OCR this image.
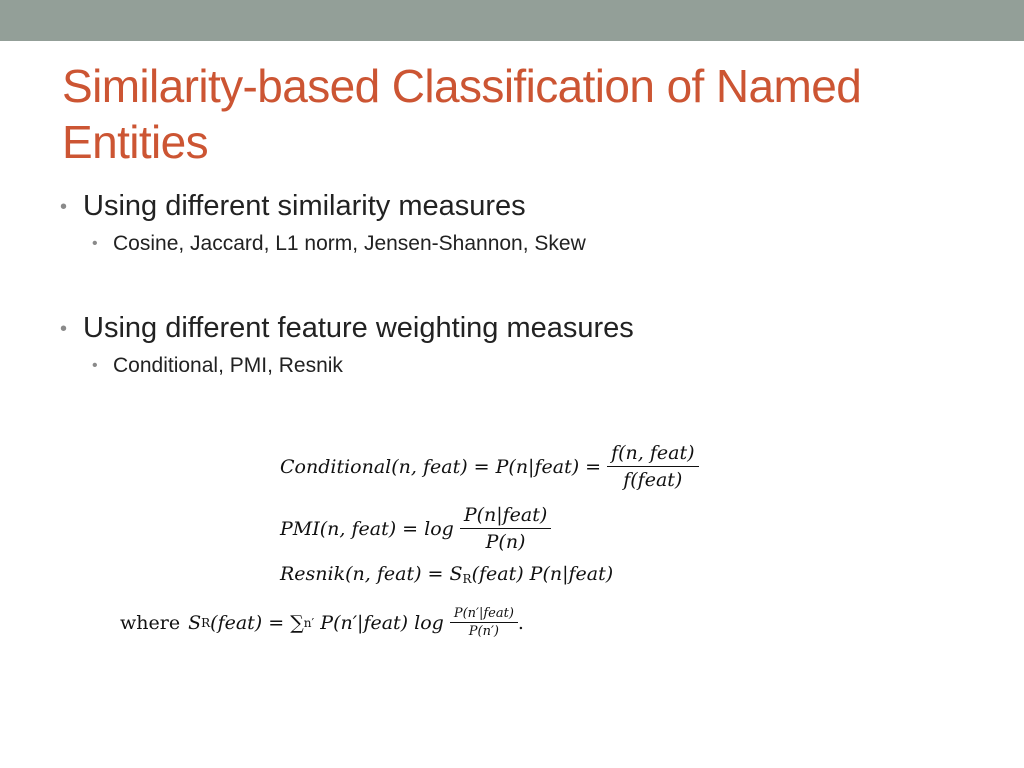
Similarity-based Classification of Named Entities
• Using different similarity measures
• Cosine, Jaccard, L1 norm, Jensen-Shannon, Skew
• Using different feature weighting measures
• Conditional, PMI, Resnik
Conditional(n, feat) = P(n|feat) = $\frac{\text{f(n, feat)}}{\text{f(feat)}}$
PMI(n, feat) = $\log \frac{\text{P(n|feat)}}{P(n)}$
Resnik(n, feat) = $S_R(feat)$ P(n|feat)
where S R (feat) = ∑ n′
P(n′|feat) $\log \frac{\text{P(n′|feat)}}{P(n')}$ .
